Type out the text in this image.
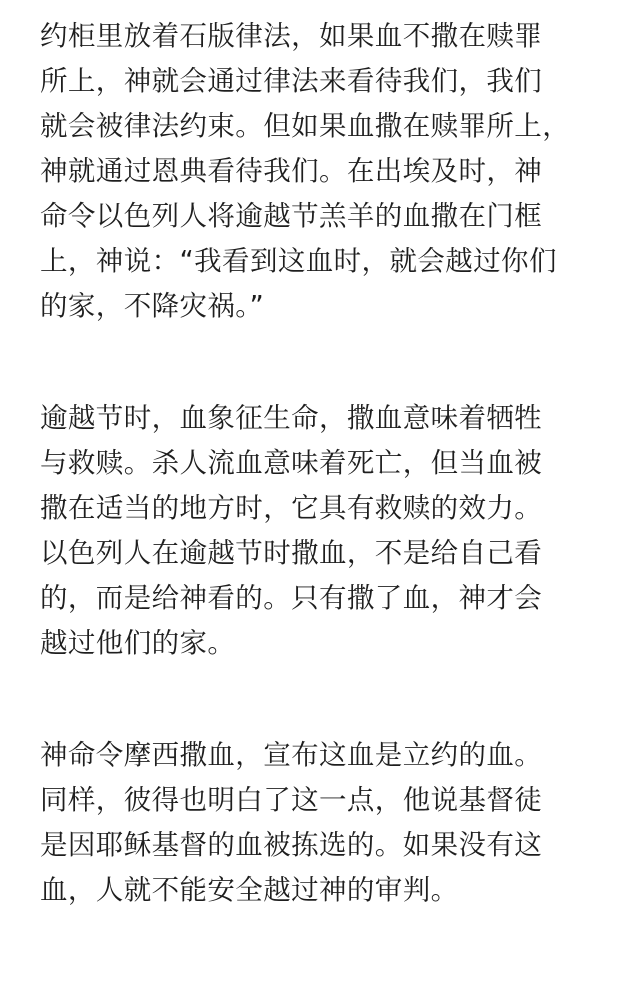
约柜里放着石版律法，如果血不撒在赎罪
所上，神就会通过律法来看待我们，我们
就会被律法约束。但如果血撒在赎罪所上，
神就通过恩典看待我们。在出埃及时，神
命令以色列人将逾越节羔羊的血撒在门框
上，神说：“我看到这血时，就会越过你们
的家，不降灾祸。”

逾越节时，血象征生命，撒血意味着牺牲
与救赎。杀人流血意味着死亡，但当血被
撒在适当的地方时，它具有救赎的效力。
以色列人在逾越节时撒血，不是给自己看
的，而是给神看的。只有撒了血，神才会
越过他们的家。

神命令摩西撒血，宣布这血是立约的血。
同样，彼得也明白了这一点，他说基督徒
是因耶稣基督的血被拣选的。如果没有这
血，人就不能安全越过神的审判。
